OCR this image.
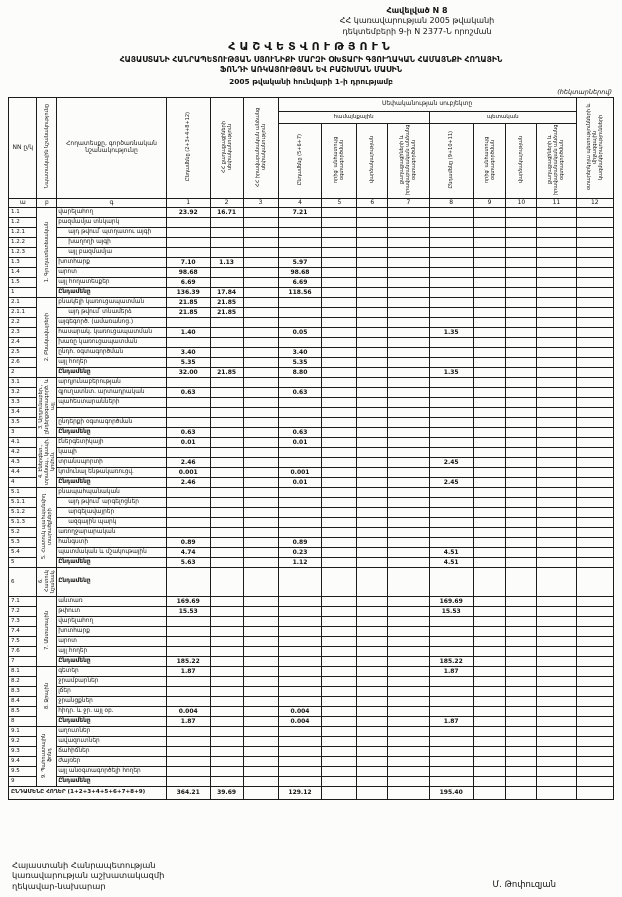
Հավելված N 8
ՀՀ կառավարության 2005 թվականի
դեկտեմբերի 9-ի N 2377-Ն որոշման
ՀԱՇՎԵՏՎՈՒԹՅՈՒՆ
ՀԱՅԱՍՏԱՆԻ ՀԱՆՐԱՊԵՏՈՒԹՅԱՆ ՍՅՈՒՆԻՔԻ ՄԱՐԶԻ ՕԽՏԱՐԻ ԳՅՈՒՂԱԿԱՆ ՀԱՄԱՅՆՔԻ ՀՈՂԱՅԻՆ
ՖՈՆԴԻ ԱՌԿԱՅՈՒԹՅԱՆ ԵՎ ԲԱՇԽՄԱՆ ՄԱՍԻՆ
2005 թվականի հունվարի 1-ի դրությամբ
(հեկտարներով)
NN ը/կ	Նպատակային նշանակությունը	Հողատեսքը, գործառնական նշանակությունը	Ընդամենը (2+3+4+8+12)	ՀՀ քաղաքացիների սեփականություն	ՀՀ իրավաբանական անձանց սեփականություն	Սեփականության սուբյեկտը								օտարերկրյա պետությունների և միջազգային կազմակերպությունների
						համայնքային				պետական				
						Ընդամենը (5+6+7)	որից՝ անհատույց օգտագործման	վարձակալության	քաղաքացիների և իրավաբանական անձանց օգտագործման	Ընդամենը (9+10+11)	որից՝ անհատույց օգտագործման	վարձակալության	քաղաքացիների և իրավաբանական անձանց օգտագործման	
ա	բ	գ	1	2	3	4	5	6	7	8	9	10	11	12
1.1	1. Գյուղատնտեսական	վարելահող	23.92	16.71		7.21								
1.2		բազմամյա տնկարկ												
1.2.1		այդ թվում՝ պտղատու այգի												
1.2.2		խաղողի այգի												
1.2.3		այլ բազմամյա												
1.3		խոտհարք	7.10	1.13		5.97								
1.4		արոտ	98.68			98.68								
1.5		այլ հողատեսքեր	6.69			6.69								
1		Ընդամենը	136.39	17.84		118.56								
2.1	2. Բնակավայրերի	բնակելի կառուցապատման	21.85	21.85										
2.1.1		այդ թվում՝ տնամերձ	21.85	21.85										
2.2		այգեգործ. (ամառանոց.)												
2.3		հասարակ. կառուցապատման	1.40			0.05				1.35				
2.4		խառը կառուցապատման												
2.5		ընդհ. օգտագործման	3.40			3.40								
2.6		այլ հողեր	5.35			5.35								
2		Ընդամենը	32.00	21.85		8.80				1.35				
3.1	3. Արդյունաբեր., ընդերքօգտագործ. և այլ	արդյունաբերության												
3.2		գյուղատնտ. արտադրական	0.63			0.63								
3.3		պահեստարանների												
3.4														
3.5		ընդերքի օգտագործման												
3		Ընդամենը	0.63			0.63								
4.1	4. Էներգետ., տրանսպ., կապի, կոմուն.	էներգետիկայի	0.01			0.01								
4.2		կապի												
4.3		տրանսպորտի	2.46							2.45				
4.4		կոմունալ ենթակառուցվ.	0.001			0.001								
4		Ընդամենը	2.46			0.01				2.45				
5.1	5. Հատուկ պահպանվող տարածքների	բնապահպանական												
5.1.1		այդ թվում՝ արգելոցներ												
5.1.2		արգելավայրեր												
5.1.3		ազգային պարկ												
5.2		առողջարարական												
5.3		հանգստի	0.89			0.89								
5.4		պատմական և մշակութային	4.74			0.23				4.51				
5		Ընդամենը	5.63			1.12				4.51				
6	6. Հատուկ նշանակ.	Ընդամենը												
7.1	7. Անտառային	անտառ	169.69							169.69				
7.2		թփուտ	15.53							15.53				
7.3		վարելահող												
7.4		խոտհարք												
7.5		արոտ												
7.6		այլ հողեր												
7		Ընդամենը	185.22							185.22				
8.1	8. Ջրային	գետեր	1.87							1.87				
8.2		ջրամբարներ												
8.3		լճեր												
8.4		ջրանցքներ												
8.5		հիդր. և ջր. այլ օբ.	0.004			0.004								
8		Ընդամենը	1.87			0.004				1.87				
9.1	9. Պահուստային ֆոնդ	աղուտներ												
9.2		ավազուտներ												
9.3		ճահիճներ												
9.4		ժայռեր												
9.5		այլ անօգտագործելի հողեր												
9		Ընդամենը												
ԸՆԴԱՄԵՆԸ ՀՈՂԵՐ (1+2+3+4+5+6+7+8+9)			364.21	39.69		129.12				195.40				
Հայաստանի Հանրապետության
կառավարության աշխատակազմի
ղեկավար-նախարար	Մ. Թոփուզյան
